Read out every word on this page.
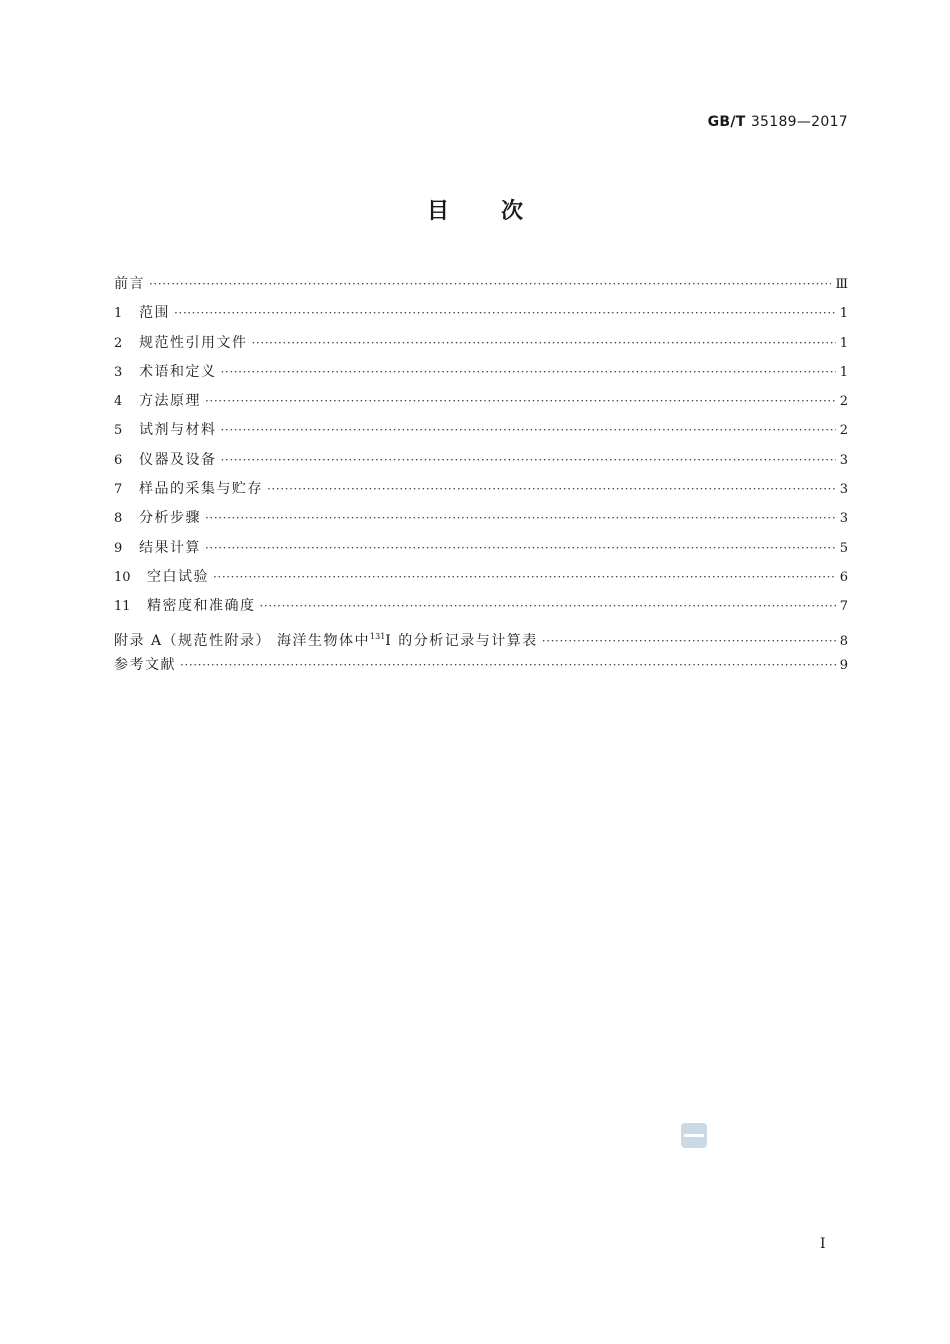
GB/T 35189—2017
目次
前言 ·····	Ⅲ
1	范围 ·····	1
2	规范性引用文件 ·····	1
3	术语和定义 ·····	1
4	方法原理 ·····	2
5	试剂与材料 ·····	2
6	仪器及设备 ·····	3
7	样品的采集与贮存 ·····	3
8	分析步骤 ·····	3
9	结果计算 ·····	5
10	空白试验 ·····	6
11	精密度和准确度 ·····	7
附录 A（规范性附录） 海洋生物体中$^{131}$I 的分析记录与计算表 ·····	8
参考文献 ·····	9
I
